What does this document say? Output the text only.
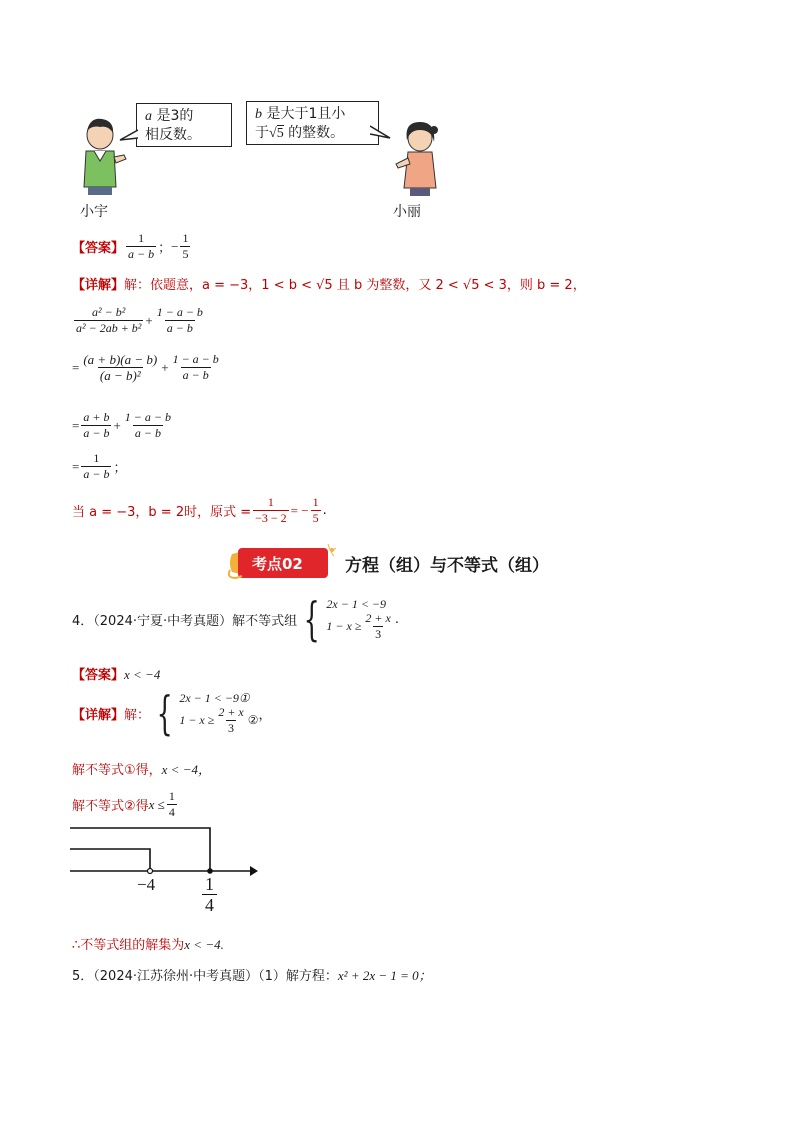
a 是3的
相反数。
b 是大于1且小
于√5 的整数。
小宇	小丽
【答案】 $\frac{1}{a - b}$ ； − $\frac{1}{5}$
【详解】解：依题意，a = −3，1 < b < √5 且 b 为整数，又 2 < √5 < 3，则 b = 2，
$\frac{\text{a² − b²}}{\text{a² − 2ab + b²}} + \frac{1 - a - b}{a - b}$
= $\frac{(a + b)(a - b)}{\text{(a − b)²}} + \frac{1 - a - b}{a - b}$
= $\frac{a + b}{a - b} + \frac{1 - a - b}{a - b}$
= $\frac{1}{a - b}$ ；
当 a = −3，b = 2时，原式 = $\frac{1}{-3 - 2}$ = − $\frac{1}{5}$ .
考点02 方程（组）与不等式（组）
4．（2024·宁夏·中考真题）解不等式组 { 2x − 1 < −9
$1 - x \ge \frac{2 + x}{3}$ .
【答案】x < −4
【详解】 解： { 2x − 1 < −9①
$1 - x \ge \frac{2 + x}{3}$ ② ，
解不等式①得，x < −4，
解不等式②得 $x \le \frac{1}{4}$
−4	$\frac{1}{4}$
∴不等式组的解集为x < −4.
5．（2024·江苏徐州·中考真题）（1）解方程：x² + 2x − 1 = 0；
